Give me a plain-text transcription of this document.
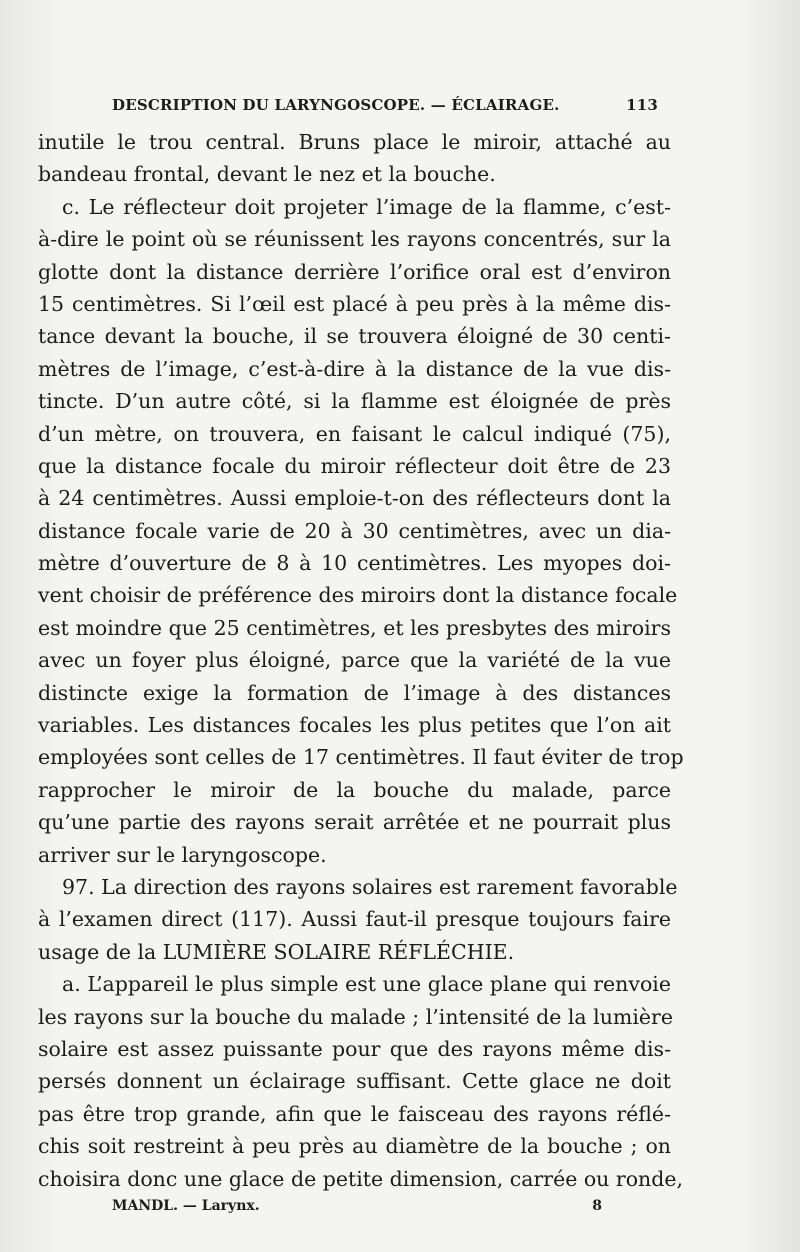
DESCRIPTION DU LARYNGOSCOPE. — ÉCLAIRAGE.	113
inutile le trou central. Bruns place le miroir, attaché au
bandeau frontal, devant le nez et la bouche.
c. Le réflecteur doit projeter l’image de la flamme, c’est-
à-dire le point où se réunissent les rayons concentrés, sur la
glotte dont la distance derrière l’orifice oral est d’environ
15 centimètres. Si l’œil est placé à peu près à la même dis-
tance devant la bouche, il se trouvera éloigné de 30 centi-
mètres de l’image, c’est-à-dire à la distance de la vue dis-
tincte. D’un autre côté, si la flamme est éloignée de près
d’un mètre, on trouvera, en faisant le calcul indiqué (75),
que la distance focale du miroir réflecteur doit être de 23
à 24 centimètres. Aussi emploie-t-on des réflecteurs dont la
distance focale varie de 20 à 30 centimètres, avec un dia-
mètre d’ouverture de 8 à 10 centimètres. Les myopes doi-
vent choisir de préférence des miroirs dont la distance focale
est moindre que 25 centimètres, et les presbytes des miroirs
avec un foyer plus éloigné, parce que la variété de la vue
distincte exige la formation de l’image à des distances
variables. Les distances focales les plus petites que l’on ait
employées sont celles de 17 centimètres. Il faut éviter de trop
rapprocher le miroir de la bouche du malade, parce
qu’une partie des rayons serait arrêtée et ne pourrait plus
arriver sur le laryngoscope.
97. La direction des rayons solaires est rarement favorable
à l’examen direct (117). Aussi faut-il presque toujours faire
usage de la LUMIÈRE SOLAIRE RÉFLÉCHIE.
a. L’appareil le plus simple est une glace plane qui renvoie
les rayons sur la bouche du malade ; l’intensité de la lumière
solaire est assez puissante pour que des rayons même dis-
persés donnent un éclairage suffisant. Cette glace ne doit
pas être trop grande, afin que le faisceau des rayons réflé-
chis soit restreint à peu près au diamètre de la bouche ; on
choisira donc une glace de petite dimension, carrée ou ronde,
MANDL. — Larynx.	8
